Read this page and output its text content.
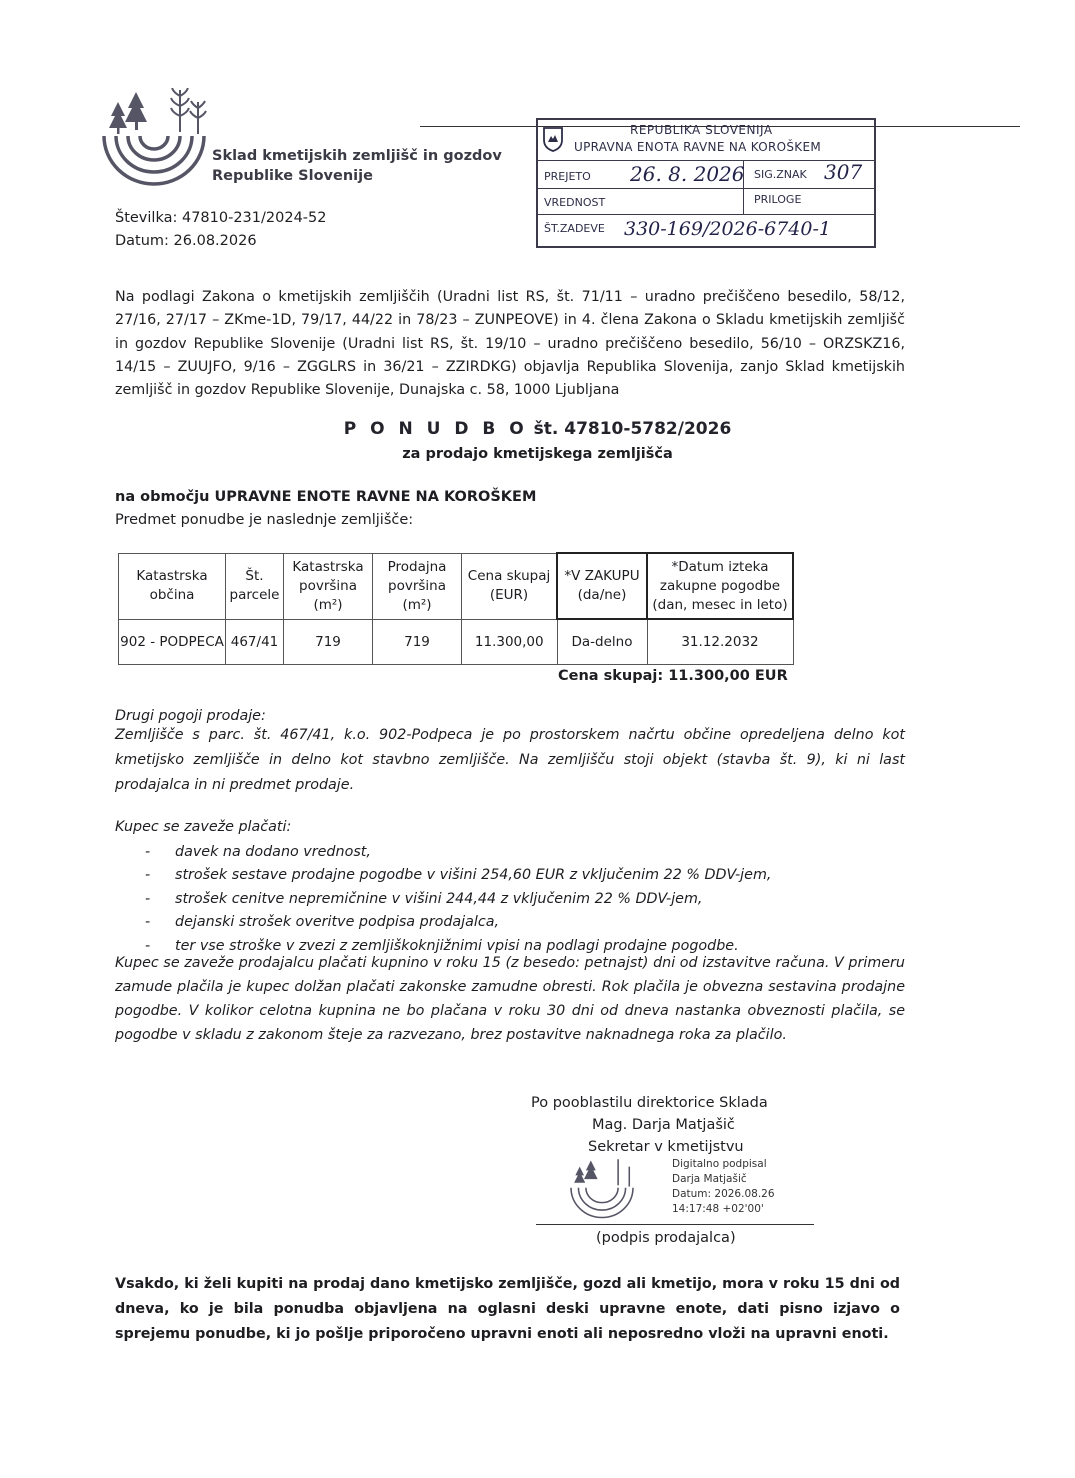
Sklad kmetijskih zemljišč in gozdov
Republike Slovenije
REPUBLIKA SLOVENIJA
UPRAVNA ENOTA RAVNE NA KOROŠKEM
PREJETO 26. 8. 2026 SIG.ZNAK 307
VREDNOST	PRILOGE
ŠT.ZADEVE 330-169/2026-6740-1
Številka: 47810-231/2024-52
Datum: 26.08.2026

Na podlagi Zakona o kmetijskih zemljiščih (Uradni list RS, št. 71/11 – uradno prečiščeno besedilo, 58/12, 27/16, 27/17 – ZKme-1D, 79/17, 44/22 in 78/23 – ZUNPEOVE) in 4. člena Zakona o Skladu kmetijskih zemljišč in gozdov Republike Slovenije (Uradni list RS, št. 19/10 – uradno prečiščeno besedilo, 56/10 – ORZSKZ16, 14/15 – ZUUJFO, 9/16 – ZGGLRS in 36/21 – ZZIRDKG) objavlja Republika Slovenija, zanjo Sklad kmetijskih zemljišč in gozdov Republike Slovenije, Dunajska c. 58, 1000 Ljubljana

P O N U D B O št. 47810-5782/2026
za prodajo kmetijskega zemljišča
na območju UPRAVNE ENOTE RAVNE NA KOROŠKEM
Predmet ponudbe je naslednje zemljišče:
Katastrska občina	Št. parcele	Katastrska površina (m²)	Prodajna površina (m²)	Cena skupaj (EUR)	*V ZAKUPU (da/ne)	*Datum izteka zakupne pogodbe (dan, mesec in leto)
902 - PODPECA	467/41	719	719	11.300,00	Da-delno	31.12.2032
Cena skupaj: 11.300,00 EUR
Drugi pogoji prodaje:

Zemljišče s parc. št. 467/41, k.o. 902-Podpeca je po prostorskem načrtu občine opredeljena delno kot kmetijsko zemljišče in delno kot stavbno zemljišče. Na zemljišču stoji objekt (stavba št. 9), ki ni last prodajalca in ni predmet prodaje.

Kupec se zaveže plačati:
- davek na dodano vrednost,
- strošek sestave prodajne pogodbe v višini 254,60 EUR z vključenim 22 % DDV-jem,
- strošek cenitve nepremičnine v višini 244,44 z vključenim 22 % DDV-jem,
- dejanski strošek overitve podpisa prodajalca,
- ter vse stroške v zvezi z zemljiškoknjižnimi vpisi na podlagi prodajne pogodbe.

Kupec se zaveže prodajalcu plačati kupnino v roku 15 (z besedo: petnajst) dni od izstavitve računa. V primeru zamude plačila je kupec dolžan plačati zakonske zamudne obresti. Rok plačila je obvezna sestavina prodajne pogodbe. V kolikor celotna kupnina ne bo plačana v roku 30 dni od dneva nastanka obveznosti plačila, se pogodbe v skladu z zakonom šteje za razvezano, brez postavitve naknadnega roka za plačilo.

Po pooblastilu direktorice Sklada
Mag. Darja Matjašič
Sekretar v kmetijstvu
Digitalno podpisal
Darja Matjašič
Datum: 2026.08.26
14:17:48 +02'00'
(podpis prodajalca)

Vsakdo, ki želi kupiti na prodaj dano kmetijsko zemljišče, gozd ali kmetijo, mora v roku 15 dni od dneva, ko je bila ponudba objavljena na oglasni deski upravne enote, dati pisno izjavo o sprejemu ponudbe, ki jo pošlje priporočeno upravni enoti ali neposredno vloži na upravni enoti.
